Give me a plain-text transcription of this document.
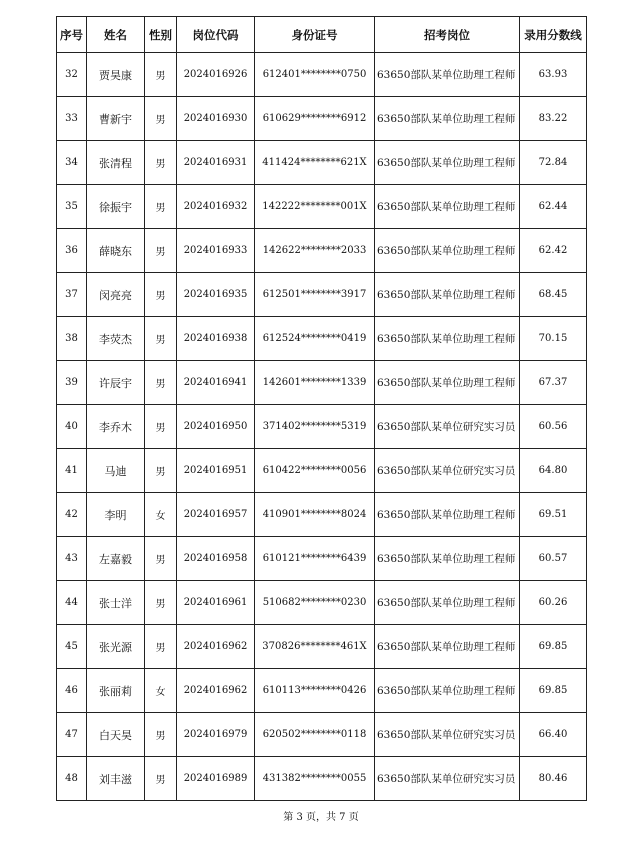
序号	姓名	性别	岗位代码	身份证号	招考岗位	录用分数线
32	贾昊康	男	2024016926	612401********0750	63650部队某单位助理工程师	63.93
33	曹新宇	男	2024016930	610629********6912	63650部队某单位助理工程师	83.22
34	张清程	男	2024016931	411424********621X	63650部队某单位助理工程师	72.84
35	徐振宇	男	2024016932	142222********001X	63650部队某单位助理工程师	62.44
36	薛晓东	男	2024016933	142622********2033	63650部队某单位助理工程师	62.42
37	闵亮亮	男	2024016935	612501********3917	63650部队某单位助理工程师	68.45
38	李荧杰	男	2024016938	612524********0419	63650部队某单位助理工程师	70.15
39	许辰宇	男	2024016941	142601********1339	63650部队某单位助理工程师	67.37
40	李乔木	男	2024016950	371402********5319	63650部队某单位研究实习员	60.56
41	马迪	男	2024016951	610422********0056	63650部队某单位研究实习员	64.80
42	李明	女	2024016957	410901********8024	63650部队某单位助理工程师	69.51
43	左嘉毅	男	2024016958	610121********6439	63650部队某单位助理工程师	60.57
44	张士洋	男	2024016961	510682********0230	63650部队某单位助理工程师	60.26
45	张光源	男	2024016962	370826********461X	63650部队某单位助理工程师	69.85
46	张丽莉	女	2024016962	610113********0426	63650部队某单位助理工程师	69.85
47	白天昊	男	2024016979	620502********0118	63650部队某单位研究实习员	66.40
48	刘丰滋	男	2024016989	431382********0055	63650部队某单位研究实习员	80.46
第 3 页，共 7 页
